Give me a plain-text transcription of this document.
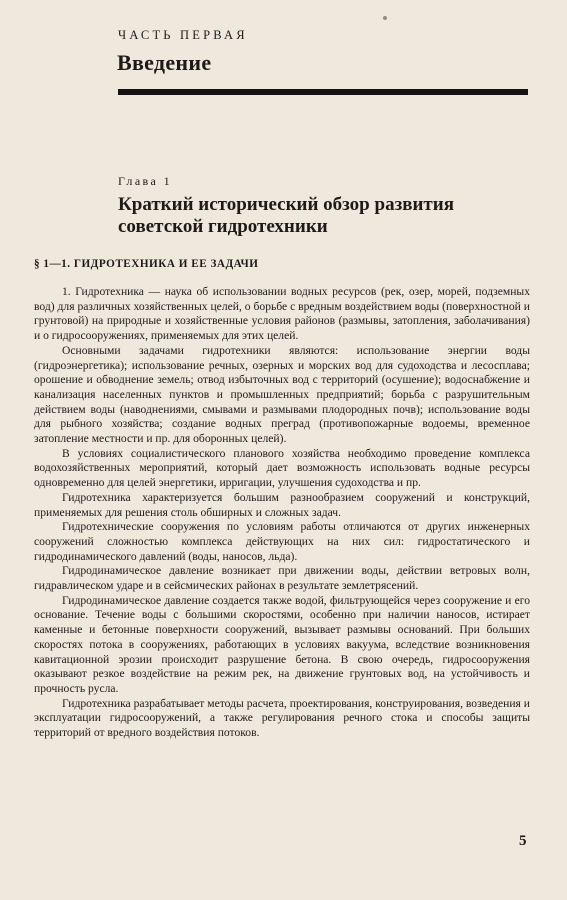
ЧАСТЬ ПЕРВАЯ
Введение
Глава 1
Краткий исторический обзор развития советской гидротехники
§ 1—1. ГИДРОТЕХНИКА И ЕЕ ЗАДАЧИ

1. Гидротехника — наука об использовании водных ресурсов (рек, озер, морей, подземных вод) для различных хозяйственных целей, о борьбе с вредным воздействием воды (поверхностной и грунтовой) на природные и хозяйственные условия районов (размывы, затопления, заболачивания) и о гидросооружениях, применяемых для этих целей.

Основными задачами гидротехники являются: использование энергии воды (гидроэнергетика); использование речных, озерных и морских вод для судоходства и лесосплава; орошение и обводнение земель; отвод избыточных вод с территорий (осушение); водоснабжение и канализация населенных пунктов и промышленных предприятий; борьба с разрушительным действием воды (наводнениями, смывами и размывами плодородных почв); использование воды для рыбного хозяйства; создание водных преград (противопожарные водоемы, временное затопление местности и пр. для оборонных целей).

В условиях социалистического планового хозяйства необходимо проведение комплекса водохозяйственных мероприятий, который дает возможность использовать водные ресурсы одновременно для целей энергетики, ирригации, улучшения судоходства и пр.

Гидротехника характеризуется большим разнообразием сооружений и конструкций, применяемых для решения столь обширных и сложных задач.

Гидротехнические сооружения по условиям работы отличаются от других инженерных сооружений сложностью комплекса действующих на них сил: гидростатического и гидродинамического давлений (воды, наносов, льда).

Гидродинамическое давление возникает при движении воды, действии ветровых волн, гидравлическом ударе и в сейсмических районах в результате землетрясений.

Гидродинамическое давление создается также водой, фильтрующейся через сооружение и его основание. Течение воды с большими скоростями, особенно при наличии наносов, истирает каменные и бетонные поверхности сооружений, вызывает размывы оснований. При больших скоростях потока в сооружениях, работающих в условиях вакуума, вследствие возникновения кавитационной эрозии происходит разрушение бетона. В свою очередь, гидросооружения оказывают резкое воздействие на режим рек, на движение грунтовых вод, на устойчивость и прочность русла.

Гидротехника разрабатывает методы расчета, проектирования, конструирования, возведения и эксплуатации гидросооружений, а также регулирования речного стока и способы защиты территорий от вредного воздействия потоков.

5
